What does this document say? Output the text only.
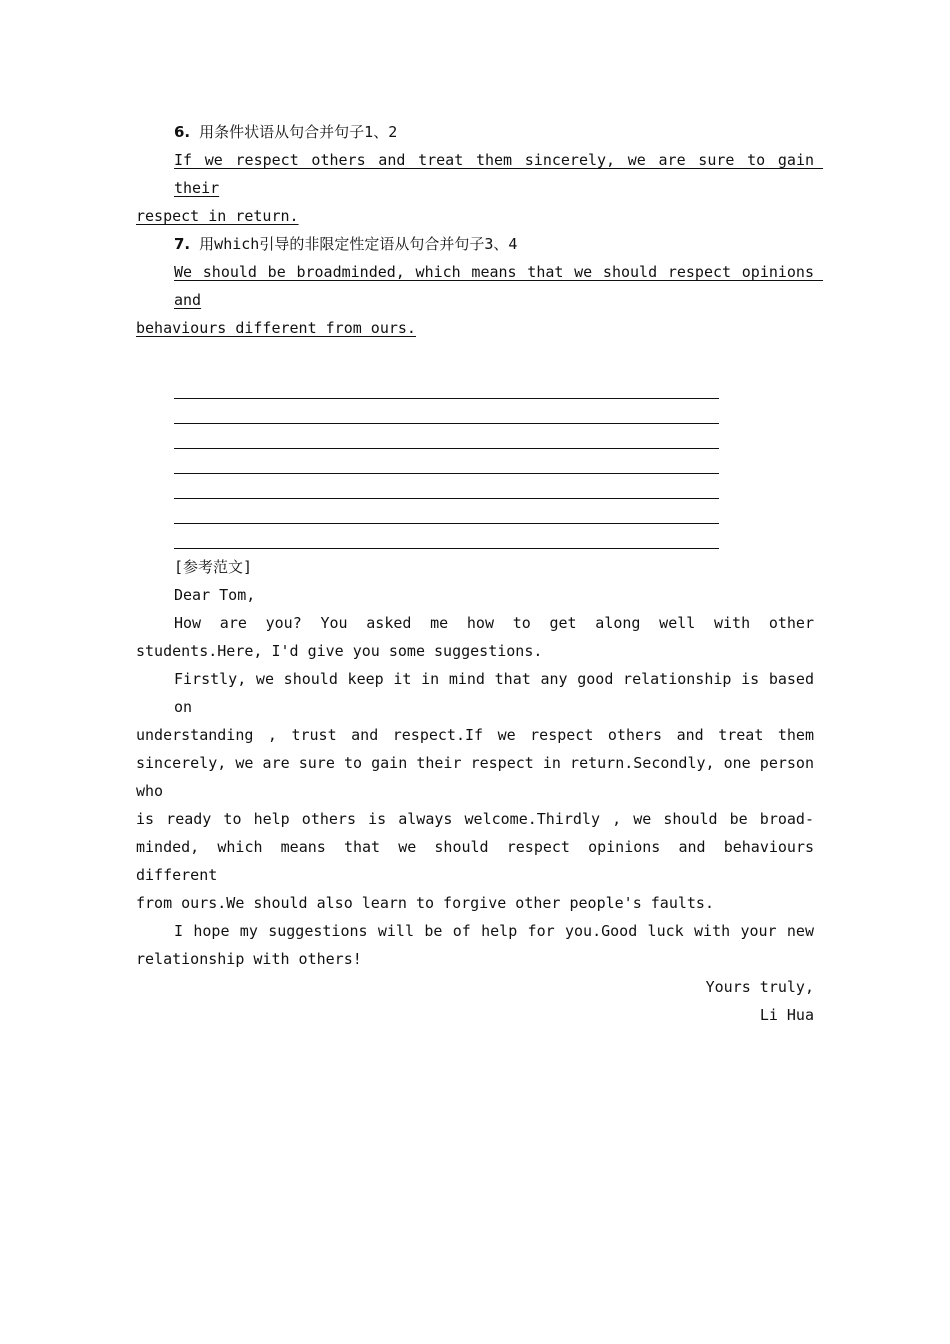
6. 用条件状语从句合并句子1、2
If we respect others and treat them sincerely, we are sure to gain their
respect in return.
7. 用which引导的非限定性定语从句合并句子3、4
We should be broadminded, which means that we should respect opinions and
behaviours different from ours.
[参考范文]
Dear Tom,
How are you? You asked me how to get along well with other
students.Here, I'd give you some suggestions.
Firstly, we should keep it in mind that any good relationship is based on
understanding , trust and respect.If we respect others and treat them
sincerely, we are sure to gain their respect in return.Secondly, one person who
is ready to help others is always welcome.Thirdly , we should be broad-
minded, which means that we should respect opinions and behaviours different
from ours.We should also learn to forgive other people's faults.
I hope my suggestions will be of help for you.Good luck with your new
relationship with others!
Yours truly,
Li Hua
